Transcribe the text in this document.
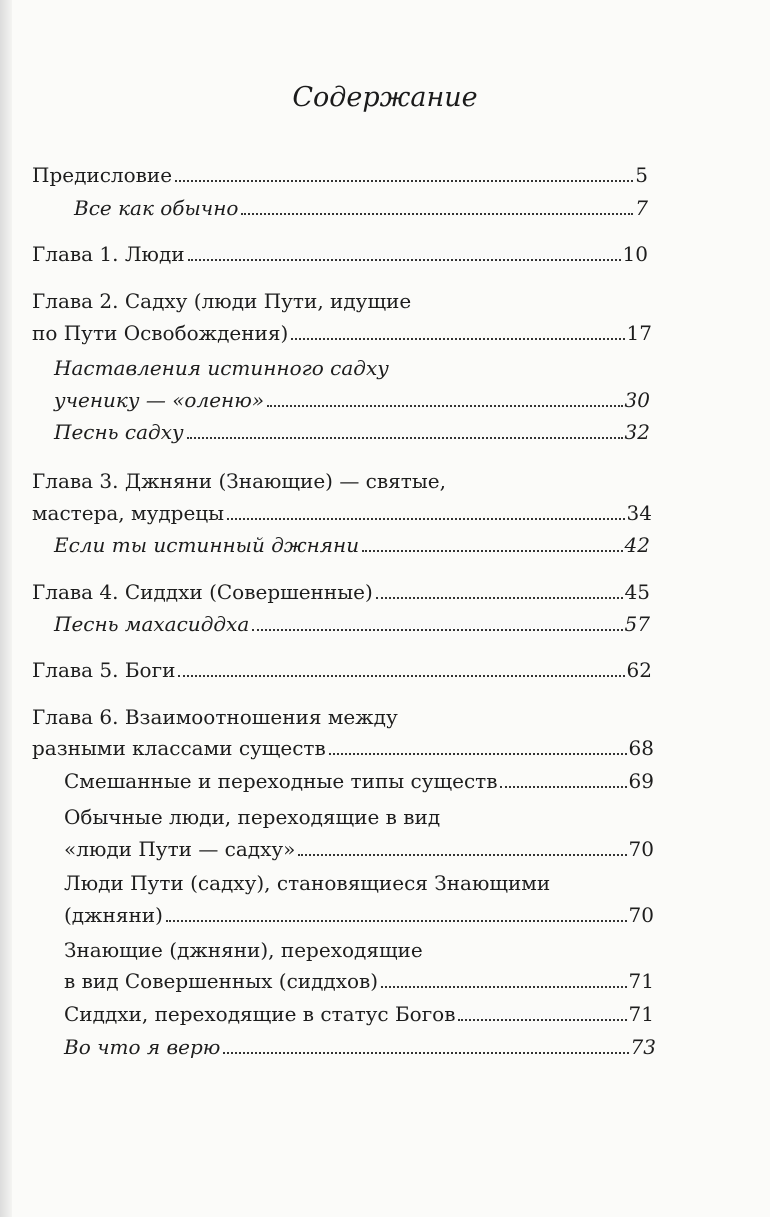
Содержание
Предисловие	5
Все как обычно	7
Глава 1. Люди	10
Глава 2. Садху (люди Пути, идущие
по Пути Освобождения)	17
Наставления истинного садху
ученику — «оленю»	30
Песнь садху	32
Глава 3. Джняни (Знающие) — святые,
мастера, мудрецы	34
Если ты истинный джняни	42
Глава 4. Сиддхи (Совершенные)	45
Песнь махасиддха	57
Глава 5. Боги	62
Глава 6. Взаимоотношения между
разными классами существ	68
Смешанные и переходные типы существ	69
Обычные люди, переходящие в вид
«люди Пути — садху»	70
Люди Пути (садху), становящиеся Знающими
(джняни)	70
Знающие (джняни), переходящие
в вид Совершенных (сиддхов)	71
Сиддхи, переходящие в статус Богов	71
Во что я верю	73
